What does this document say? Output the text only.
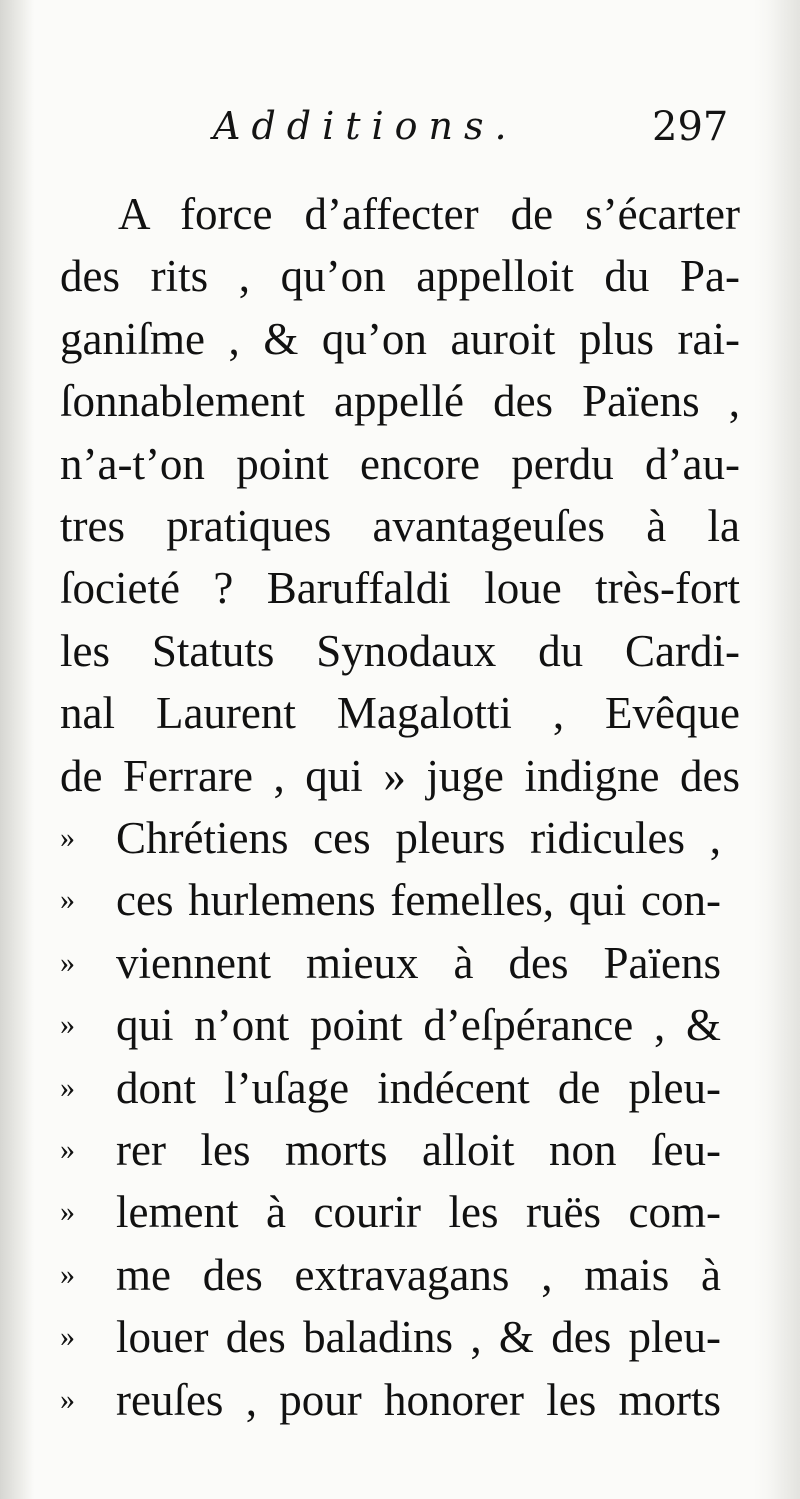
Additions.	297
A force d’affecter de s’écarter
des rits , qu’on appelloit du Pa-
ganiſme , & qu’on auroit plus rai-
ſonnablement appellé des Païens ,
n’a-t’on point encore perdu d’au-
tres pratiques avantageuſes à la
ſocieté ? Baruffaldi loue très-fort
les Statuts Synodaux du Cardi-
nal Laurent Magalotti , Evêque
de Ferrare , qui » juge indigne des
» Chrétiens ces pleurs ridicules ,
» ces hurlemens femelles, qui con-
» viennent mieux à des Païens
» qui n’ont point d’eſpérance , &
» dont l’uſage indécent de pleu-
» rer les morts alloit non ſeu-
» lement à courir les ruës com-
» me des extravagans , mais à
» louer des baladins , & des pleu-
» reuſes , pour honorer les morts
